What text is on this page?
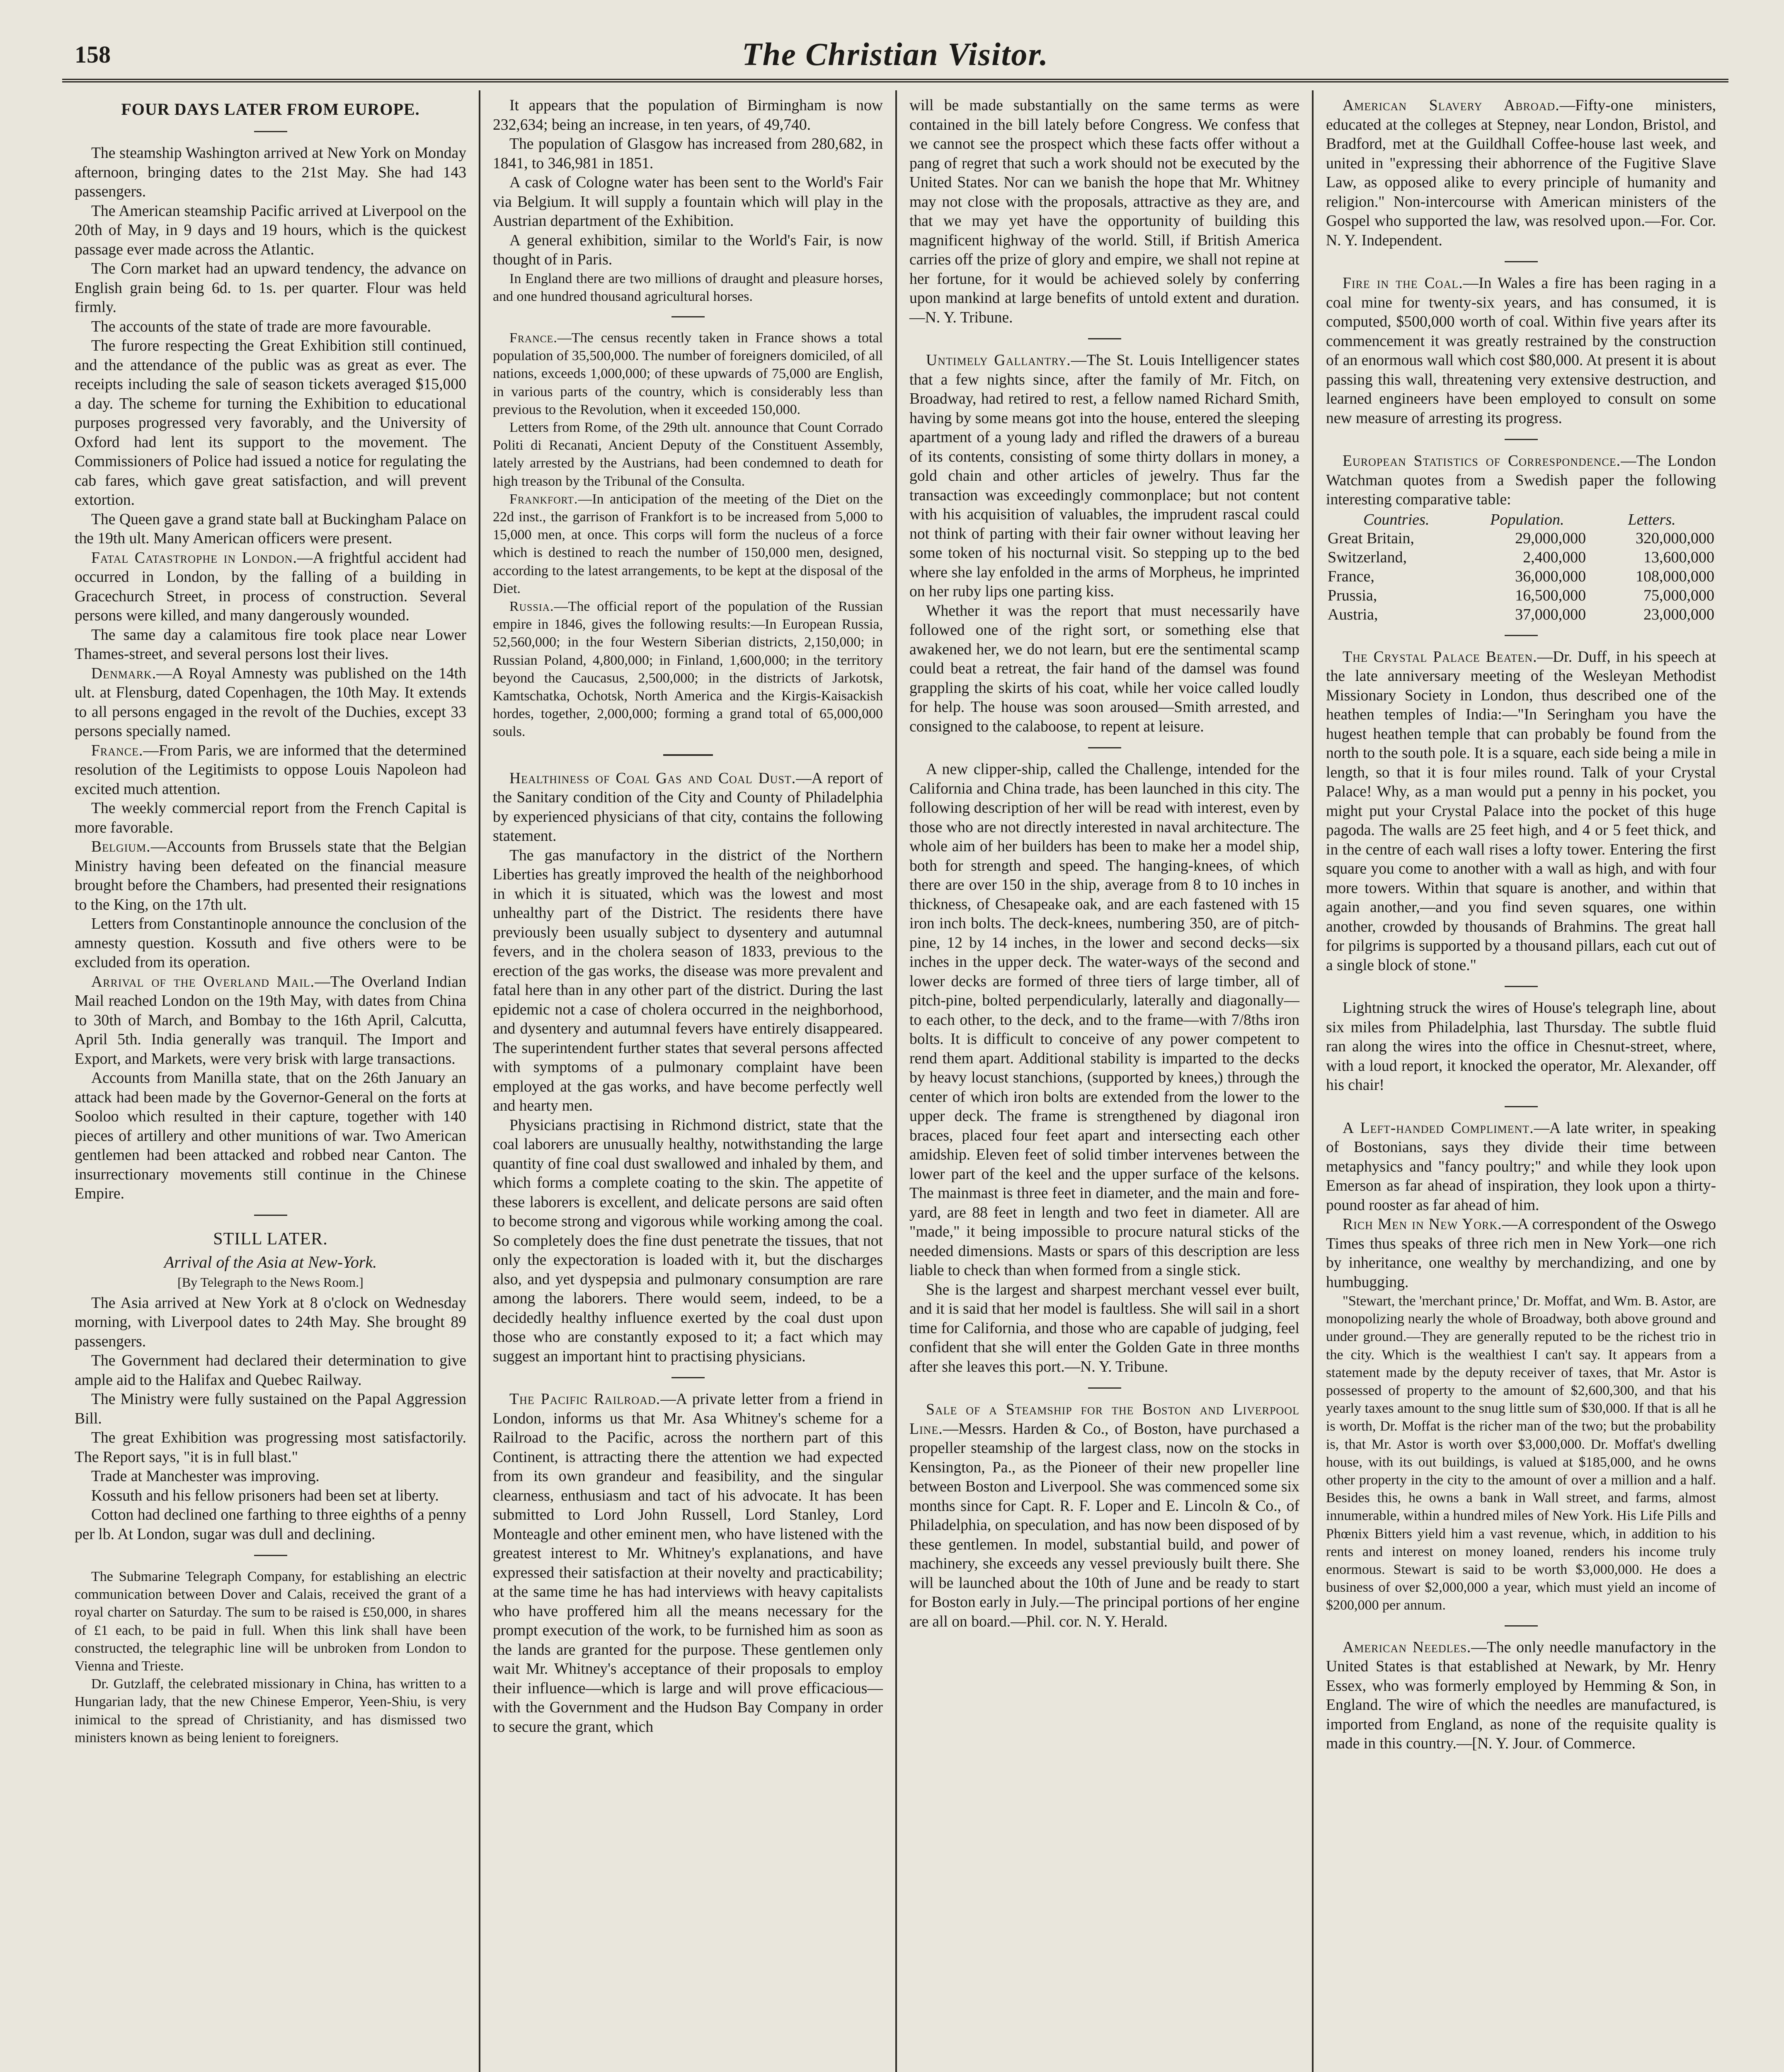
158	The Christian Visitor.
FOUR DAYS LATER FROM EUROPE.

The steamship Washington arrived at New York on Monday afternoon, bringing dates to the 21st May. She had 143 passengers.

The American steamship Pacific arrived at Liverpool on the 20th of May, in 9 days and 19 hours, which is the quickest passage ever made across the Atlantic.

The Corn market had an upward tendency, the advance on English grain being 6d. to 1s. per quarter. Flour was held firmly.

The accounts of the state of trade are more favourable.

The furore respecting the Great Exhibition still continued, and the attendance of the public was as great as ever. The receipts including the sale of season tickets averaged $15,000 a day. The scheme for turning the Exhibition to educational purposes progressed very favorably, and the University of Oxford had lent its support to the movement. The Commissioners of Police had issued a notice for regulating the cab fares, which gave great satisfaction, and will prevent extortion.

The Queen gave a grand state ball at Buckingham Palace on the 19th ult. Many American officers were present.

Fatal Catastrophe in London.—A frightful accident had occurred in London, by the falling of a building in Gracechurch Street, in process of construction. Several persons were killed, and many dangerously wounded.

The same day a calamitous fire took place near Lower Thames-street, and several persons lost their lives.

Denmark.—A Royal Amnesty was published on the 14th ult. at Flensburg, dated Copenhagen, the 10th May. It extends to all persons engaged in the revolt of the Duchies, except 33 persons specially named.

France.—From Paris, we are informed that the determined resolution of the Legitimists to oppose Louis Napoleon had excited much attention.

The weekly commercial report from the French Capital is more favorable.

Belgium.—Accounts from Brussels state that the Belgian Ministry having been defeated on the financial measure brought before the Chambers, had presented their resignations to the King, on the 17th ult.

Letters from Constantinople announce the conclusion of the amnesty question. Kossuth and five others were to be excluded from its operation.

Arrival of the Overland Mail.—The Overland Indian Mail reached London on the 19th May, with dates from China to 30th of March, and Bombay to the 16th April, Calcutta, April 5th. India generally was tranquil. The Import and Export, and Markets, were very brisk with large transactions.

Accounts from Manilla state, that on the 26th January an attack had been made by the Governor-General on the forts at Sooloo which resulted in their capture, together with 140 pieces of artillery and other munitions of war. Two American gentlemen had been attacked and robbed near Canton. The insurrectionary movements still continue in the Chinese Empire.

STILL LATER.
Arrival of the Asia at New-York.
[By Telegraph to the News Room.]

The Asia arrived at New York at 8 o'clock on Wednesday morning, with Liverpool dates to 24th May. She brought 89 passengers.

The Government had declared their determination to give ample aid to the Halifax and Quebec Railway.

The Ministry were fully sustained on the Papal Aggression Bill.

The great Exhibition was progressing most satisfactorily. The Report says, "it is in full blast."

Trade at Manchester was improving.

Kossuth and his fellow prisoners had been set at liberty.

Cotton had declined one farthing to three eighths of a penny per lb. At London, sugar was dull and declining.

The Submarine Telegraph Company, for establishing an electric communication between Dover and Calais, received the grant of a royal charter on Saturday. The sum to be raised is £50,000, in shares of £1 each, to be paid in full. When this link shall have been constructed, the telegraphic line will be unbroken from London to Vienna and Trieste.

Dr. Gutzlaff, the celebrated missionary in China, has written to a Hungarian lady, that the new Chinese Emperor, Yeen-Shiu, is very inimical to the spread of Christianity, and has dismissed two ministers known as being lenient to foreigners.

It appears that the population of Birmingham is now 232,634; being an increase, in ten years, of 49,740.

The population of Glasgow has increased from 280,682, in 1841, to 346,981 in 1851.

A cask of Cologne water has been sent to the World's Fair via Belgium. It will supply a fountain which will play in the Austrian department of the Exhibition.

A general exhibition, similar to the World's Fair, is now thought of in Paris.

In England there are two millions of draught and pleasure horses, and one hundred thousand agricultural horses.

France.—The census recently taken in France shows a total population of 35,500,000. The number of foreigners domiciled, of all nations, exceeds 1,000,000; of these upwards of 75,000 are English, in various parts of the country, which is considerably less than previous to the Revolution, when it exceeded 150,000.

Letters from Rome, of the 29th ult. announce that Count Corrado Politi di Recanati, Ancient Deputy of the Constituent Assembly, lately arrested by the Austrians, had been condemned to death for high treason by the Tribunal of the Consulta.

Frankfort.—In anticipation of the meeting of the Diet on the 22d inst., the garrison of Frankfort is to be increased from 5,000 to 15,000 men, at once. This corps will form the nucleus of a force which is destined to reach the number of 150,000 men, designed, according to the latest arrangements, to be kept at the disposal of the Diet.

Russia.—The official report of the population of the Russian empire in 1846, gives the following results:—In European Russia, 52,560,000; in the four Western Siberian districts, 2,150,000; in Russian Poland, 4,800,000; in Finland, 1,600,000; in the territory beyond the Caucasus, 2,500,000; in the districts of Jarkotsk, Kamtschatka, Ochotsk, North America and the Kirgis-Kaisackish hordes, together, 2,000,000; forming a grand total of 65,000,000 souls.

Healthiness of Coal Gas and Coal Dust.—A report of the Sanitary condition of the City and County of Philadelphia by experienced physicians of that city, contains the following statement.

The gas manufactory in the district of the Northern Liberties has greatly improved the health of the neighborhood in which it is situated, which was the lowest and most unhealthy part of the District. The residents there have previously been usually subject to dysentery and autumnal fevers, and in the cholera season of 1833, previous to the erection of the gas works, the disease was more prevalent and fatal here than in any other part of the district. During the last epidemic not a case of cholera occurred in the neighborhood, and dysentery and autumnal fevers have entirely disappeared. The superintendent further states that several persons affected with symptoms of a pulmonary complaint have been employed at the gas works, and have become perfectly well and hearty men.

Physicians practising in Richmond district, state that the coal laborers are unusually healthy, notwithstanding the large quantity of fine coal dust swallowed and inhaled by them, and which forms a complete coating to the skin. The appetite of these laborers is excellent, and delicate persons are said often to become strong and vigorous while working among the coal. So completely does the fine dust penetrate the tissues, that not only the expectoration is loaded with it, but the discharges also, and yet dyspepsia and pulmonary consumption are rare among the laborers. There would seem, indeed, to be a decidedly healthy influence exerted by the coal dust upon those who are constantly exposed to it; a fact which may suggest an important hint to practising physicians.

The Pacific Railroad.—A private letter from a friend in London, informs us that Mr. Asa Whitney's scheme for a Railroad to the Pacific, across the northern part of this Continent, is attracting there the attention we had expected from its own grandeur and feasibility, and the singular clearness, enthusiasm and tact of his advocate. It has been submitted to Lord John Russell, Lord Stanley, Lord Monteagle and other eminent men, who have listened with the greatest interest to Mr. Whitney's explanations, and have expressed their satisfaction at their novelty and practicability; at the same time he has had interviews with heavy capitalists who have proffered him all the means necessary for the prompt execution of the work, to be furnished him as soon as the lands are granted for the purpose. These gentlemen only wait Mr. Whitney's acceptance of their proposals to employ their influence—which is large and will prove efficacious—with the Government and the Hudson Bay Company in order to secure the grant, which

will be made substantially on the same terms as were contained in the bill lately before Congress. We confess that we cannot see the prospect which these facts offer without a pang of regret that such a work should not be executed by the United States. Nor can we banish the hope that Mr. Whitney may not close with the proposals, attractive as they are, and that we may yet have the opportunity of building this magnificent highway of the world. Still, if British America carries off the prize of glory and empire, we shall not repine at her fortune, for it would be achieved solely by conferring upon mankind at large benefits of untold extent and duration.—N. Y. Tribune.

Untimely Gallantry.—The St. Louis Intelligencer states that a few nights since, after the family of Mr. Fitch, on Broadway, had retired to rest, a fellow named Richard Smith, having by some means got into the house, entered the sleeping apartment of a young lady and rifled the drawers of a bureau of its contents, consisting of some thirty dollars in money, a gold chain and other articles of jewelry. Thus far the transaction was exceedingly commonplace; but not content with his acquisition of valuables, the imprudent rascal could not think of parting with their fair owner without leaving her some token of his nocturnal visit. So stepping up to the bed where she lay enfolded in the arms of Morpheus, he imprinted on her ruby lips one parting kiss.

Whether it was the report that must necessarily have followed one of the right sort, or something else that awakened her, we do not learn, but ere the sentimental scamp could beat a retreat, the fair hand of the damsel was found grappling the skirts of his coat, while her voice called loudly for help. The house was soon aroused—Smith arrested, and consigned to the calaboose, to repent at leisure.

A new clipper-ship, called the Challenge, intended for the California and China trade, has been launched in this city. The following description of her will be read with interest, even by those who are not directly interested in naval architecture. The whole aim of her builders has been to make her a model ship, both for strength and speed. The hanging-knees, of which there are over 150 in the ship, average from 8 to 10 inches in thickness, of Chesapeake oak, and are each fastened with 15 iron inch bolts. The deck-knees, numbering 350, are of pitch-pine, 12 by 14 inches, in the lower and second decks—six inches in the upper deck. The water-ways of the second and lower decks are formed of three tiers of large timber, all of pitch-pine, bolted perpendicularly, laterally and diagonally—to each other, to the deck, and to the frame—with 7/8ths iron bolts. It is difficult to conceive of any power competent to rend them apart. Additional stability is imparted to the decks by heavy locust stanchions, (supported by knees,) through the center of which iron bolts are extended from the lower to the upper deck. The frame is strengthened by diagonal iron braces, placed four feet apart and intersecting each other amidship. Eleven feet of solid timber intervenes between the lower part of the keel and the upper surface of the kelsons. The mainmast is three feet in diameter, and the main and fore-yard, are 88 feet in length and two feet in diameter. All are "made," it being impossible to procure natural sticks of the needed dimensions. Masts or spars of this description are less liable to check than when formed from a single stick.

She is the largest and sharpest merchant vessel ever built, and it is said that her model is faultless. She will sail in a short time for California, and those who are capable of judging, feel confident that she will enter the Golden Gate in three months after she leaves this port.—N. Y. Tribune.

Sale of a Steamship for the Boston and Liverpool Line.—Messrs. Harden & Co., of Boston, have purchased a propeller steamship of the largest class, now on the stocks in Kensington, Pa., as the Pioneer of their new propeller line between Boston and Liverpool. She was commenced some six months since for Capt. R. F. Loper and E. Lincoln & Co., of Philadelphia, on speculation, and has now been disposed of by these gentlemen. In model, substantial build, and power of machinery, she exceeds any vessel previously built there. She will be launched about the 10th of June and be ready to start for Boston early in July.—The principal portions of her engine are all on board.—Phil. cor. N. Y. Herald.

American Slavery Abroad.—Fifty-one ministers, educated at the colleges at Stepney, near London, Bristol, and Bradford, met at the Guildhall Coffee-house last week, and united in "expressing their abhorrence of the Fugitive Slave Law, as opposed alike to every principle of humanity and religion." Non-intercourse with American ministers of the Gospel who supported the law, was resolved upon.—For. Cor. N. Y. Independent.

Fire in the Coal.—In Wales a fire has been raging in a coal mine for twenty-six years, and has consumed, it is computed, $500,000 worth of coal. Within five years after its commencement it was greatly restrained by the construction of an enormous wall which cost $80,000. At present it is about passing this wall, threatening very extensive destruction, and learned engineers have been employed to consult on some new measure of arresting its progress.

European Statistics of Correspondence.—The London Watchman quotes from a Swedish paper the following interesting comparative table:

Countries.	Population.	Letters.
Great Britain,	29,000,000	320,000,000
Switzerland,	2,400,000	13,600,000
France,	36,000,000	108,000,000
Prussia,	16,500,000	75,000,000
Austria,	37,000,000	23,000,000

The Crystal Palace Beaten.—Dr. Duff, in his speech at the late anniversary meeting of the Wesleyan Methodist Missionary Society in London, thus described one of the heathen temples of India:—"In Seringham you have the hugest heathen temple that can probably be found from the north to the south pole. It is a square, each side being a mile in length, so that it is four miles round. Talk of your Crystal Palace! Why, as a man would put a penny in his pocket, you might put your Crystal Palace into the pocket of this huge pagoda. The walls are 25 feet high, and 4 or 5 feet thick, and in the centre of each wall rises a lofty tower. Entering the first square you come to another with a wall as high, and with four more towers. Within that square is another, and within that again another,—and you find seven squares, one within another, crowded by thousands of Brahmins. The great hall for pilgrims is supported by a thousand pillars, each cut out of a single block of stone."

Lightning struck the wires of House's telegraph line, about six miles from Philadelphia, last Thursday. The subtle fluid ran along the wires into the office in Chesnut-street, where, with a loud report, it knocked the operator, Mr. Alexander, off his chair!

A Left-handed Compliment.—A late writer, in speaking of Bostonians, says they divide their time between metaphysics and "fancy poultry;" and while they look upon Emerson as far ahead of inspiration, they look upon a thirty-pound rooster as far ahead of him.

Rich Men in New York.—A correspondent of the Oswego Times thus speaks of three rich men in New York—one rich by inheritance, one wealthy by merchandizing, and one by humbugging.

"Stewart, the 'merchant prince,' Dr. Moffat, and Wm. B. Astor, are monopolizing nearly the whole of Broadway, both above ground and under ground.—They are generally reputed to be the richest trio in the city. Which is the wealthiest I can't say. It appears from a statement made by the deputy receiver of taxes, that Mr. Astor is possessed of property to the amount of $2,600,300, and that his yearly taxes amount to the snug little sum of $30,000. If that is all he is worth, Dr. Moffat is the richer man of the two; but the probability is, that Mr. Astor is worth over $3,000,000. Dr. Moffat's dwelling house, with its out buildings, is valued at $185,000, and he owns other property in the city to the amount of over a million and a half. Besides this, he owns a bank in Wall street, and farms, almost innumerable, within a hundred miles of New York. His Life Pills and Phœnix Bitters yield him a vast revenue, which, in addition to his rents and interest on money loaned, renders his income truly enormous. Stewart is said to be worth $3,000,000. He does a business of over $2,000,000 a year, which must yield an income of $200,000 per annum.

American Needles.—The only needle manufactory in the United States is that established at Newark, by Mr. Henry Essex, who was formerly employed by Hemming & Son, in England. The wire of which the needles are manufactured, is imported from England, as none of the requisite quality is made in this country.—[N. Y. Jour. of Commerce.
